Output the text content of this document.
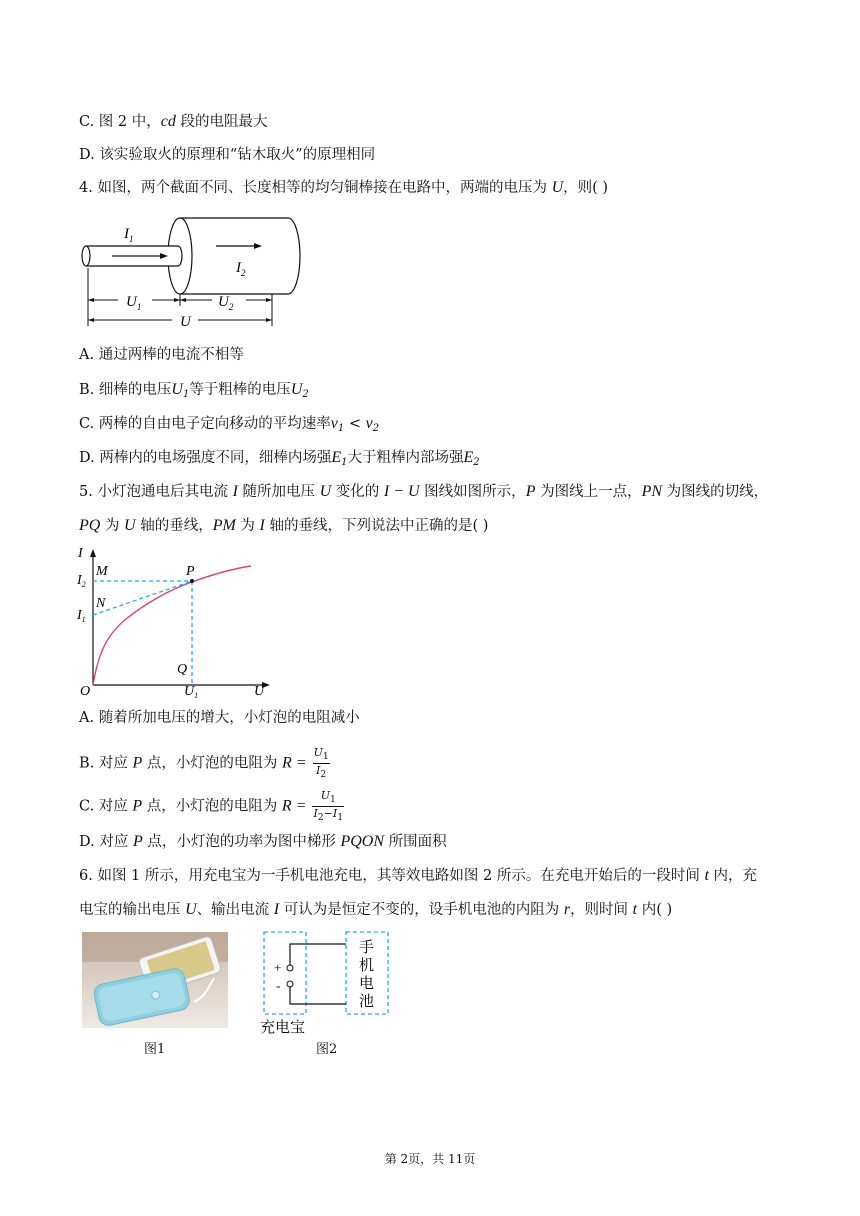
C. 图 2 中，cd 段的电阻最大
D. 该实验取火的原理和“钻木取火”的原理相同
4. 如图，两个截面不同、长度相等的均匀铜棒接在电路中，两端的电压为 U，则( )
$I_1$
$I_2$
$U_1$	$U_2$
U
A. 通过两棒的电流不相等
B. 细棒的电压$U_1$等于粗棒的电压$U_2$
C. 两棒的自由电子定向移动的平均速率$v_1 < v_2$
D. 两棒内的电场强度不同，细棒内场强$E_1$大于粗棒内部场强$E_2$
5. 小灯泡通电后其电流 I 随所加电压 U 变化的 I − U 图线如图所示，P 为图线上一点，PN 为图线的切线，
PQ 为 U 轴的垂线，PM 为 I 轴的垂线，下列说法中正确的是( )
I
$I_2$
$I_1$
M
N
P
Q
O	$U_1$	U
A. 随着所加电压的增大，小灯泡的电阻减小
B. 对应 P 点，小灯泡的电阻为 $R = \frac{U_1}{I_2}$
C. 对应 P 点，小灯泡的电阻为 $R = \frac{U_1}{I_2-I_1}$
D. 对应 P 点，小灯泡的功率为图中梯形 PQON 所围面积
6. 如图 1 所示，用充电宝为一手机电池充电，其等效电路如图 2 所示。在充电开始后的一段时间 t 内，充
电宝的输出电压 U、输出电流 I 可认为是恒定不变的，设手机电池的内阻为 r，则时间 t 内( )
图1
+
-
手
机
电
池
充电宝
图2
第 2页，共 11页
